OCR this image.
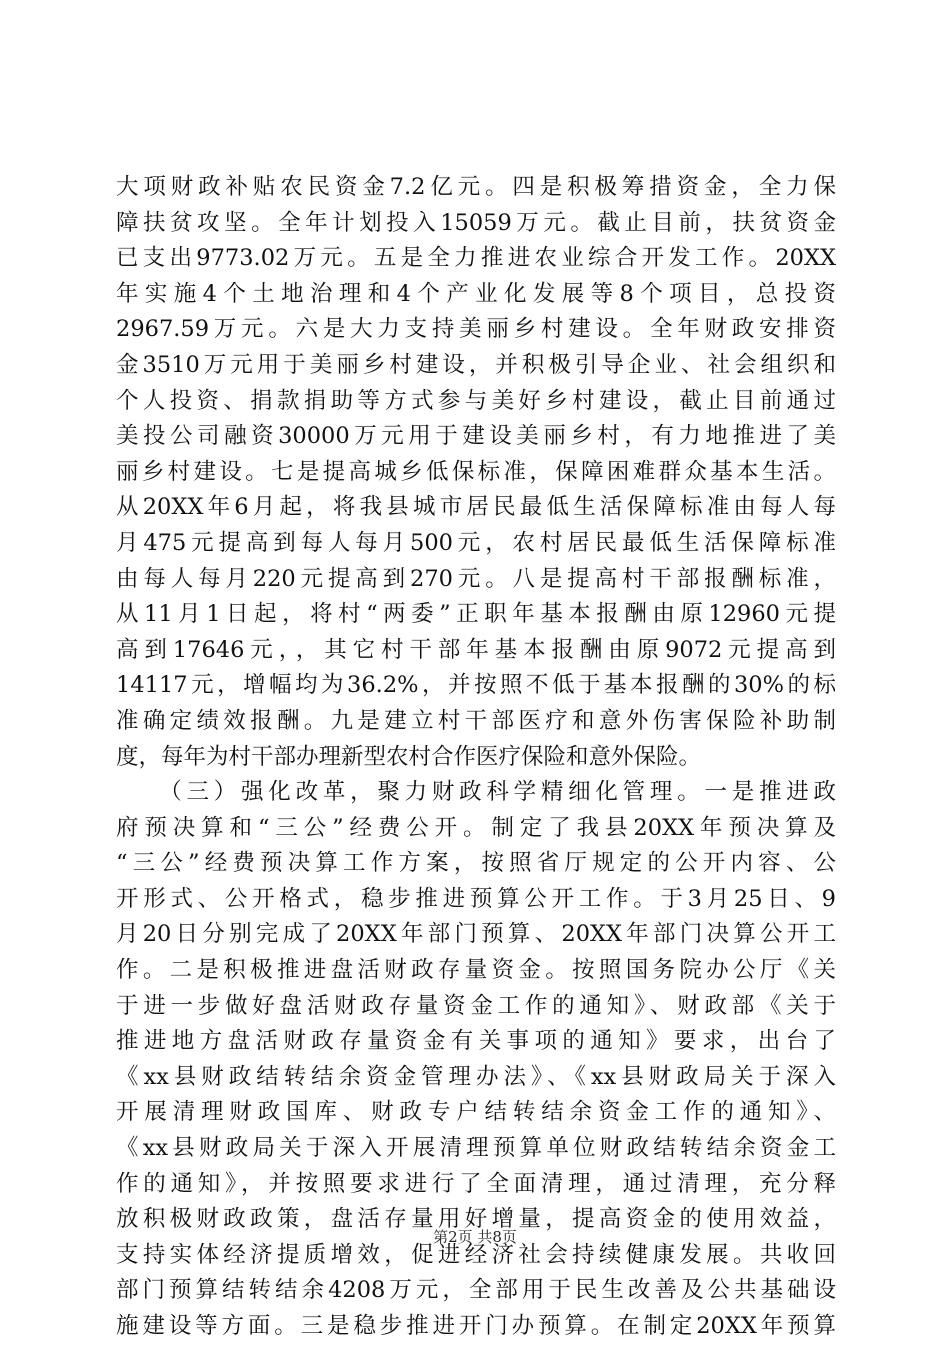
大项财政补贴农民资金7.2亿元。四是积极筹措资金，全力保
障扶贫攻坚。全年计划投入15059万元。截止目前，扶贫资金
已支出9773.02万元。五是全力推进农业综合开发工作。20XX
年实施4个土地治理和4个产业化发展等8个项目，总投资
2967.59万元。六是大力支持美丽乡村建设。全年财政安排资
金3510万元用于美丽乡村建设，并积极引导企业、社会组织和
个人投资、捐款捐助等方式参与美好乡村建设，截止目前通过
美投公司融资30000万元用于建设美丽乡村，有力地推进了美
丽乡村建设。七是提高城乡低保标准，保障困难群众基本生活。
从20XX年6月起，将我县城市居民最低生活保障标准由每人每
月475元提高到每人每月500元，农村居民最低生活保障标准
由每人每月220元提高到270元。八是提高村干部报酬标准，
从11月1日起，将村“两委”正职年基本报酬由原12960元提
高到17646元，，其它村干部年基本报酬由原9072元提高到
14117元，增幅均为36.2%，并按照不低于基本报酬的30%的标
准确定绩效报酬。九是建立村干部医疗和意外伤害保险补助制
度，每年为村干部办理新型农村合作医疗保险和意外保险。
　　（三）强化改革，聚力财政科学精细化管理。一是推进政
府预决算和“三公”经费公开。制定了我县20XX年预决算及
“三公”经费预决算工作方案，按照省厅规定的公开内容、公
开形式、公开格式，稳步推进预算公开工作。于3月25日、9
月20日分别完成了20XX年部门预算、20XX年部门决算公开工
作。二是积极推进盘活财政存量资金。按照国务院办公厅《关
于进一步做好盘活财政存量资金工作的通知》、财政部《关于
推进地方盘活财政存量资金有关事项的通知》要求，出台了
《xx县财政结转结余资金管理办法》、《xx县财政局关于深入
开展清理财政国库、财政专户结转结余资金工作的通知》、
《xx县财政局关于深入开展清理预算单位财政结转结余资金工
作的通知》，并按照要求进行了全面清理，通过清理，充分释
放积极财政政策，盘活存量用好增量，提高资金的使用效益，
支持实体经济提质增效，促进经济社会持续健康发展。共收回
部门预算结转结余4208万元，全部用于民生改善及公共基础设
施建设等方面。三是稳步推进开门办预算。在制定20XX年预算
第2页 共8页
